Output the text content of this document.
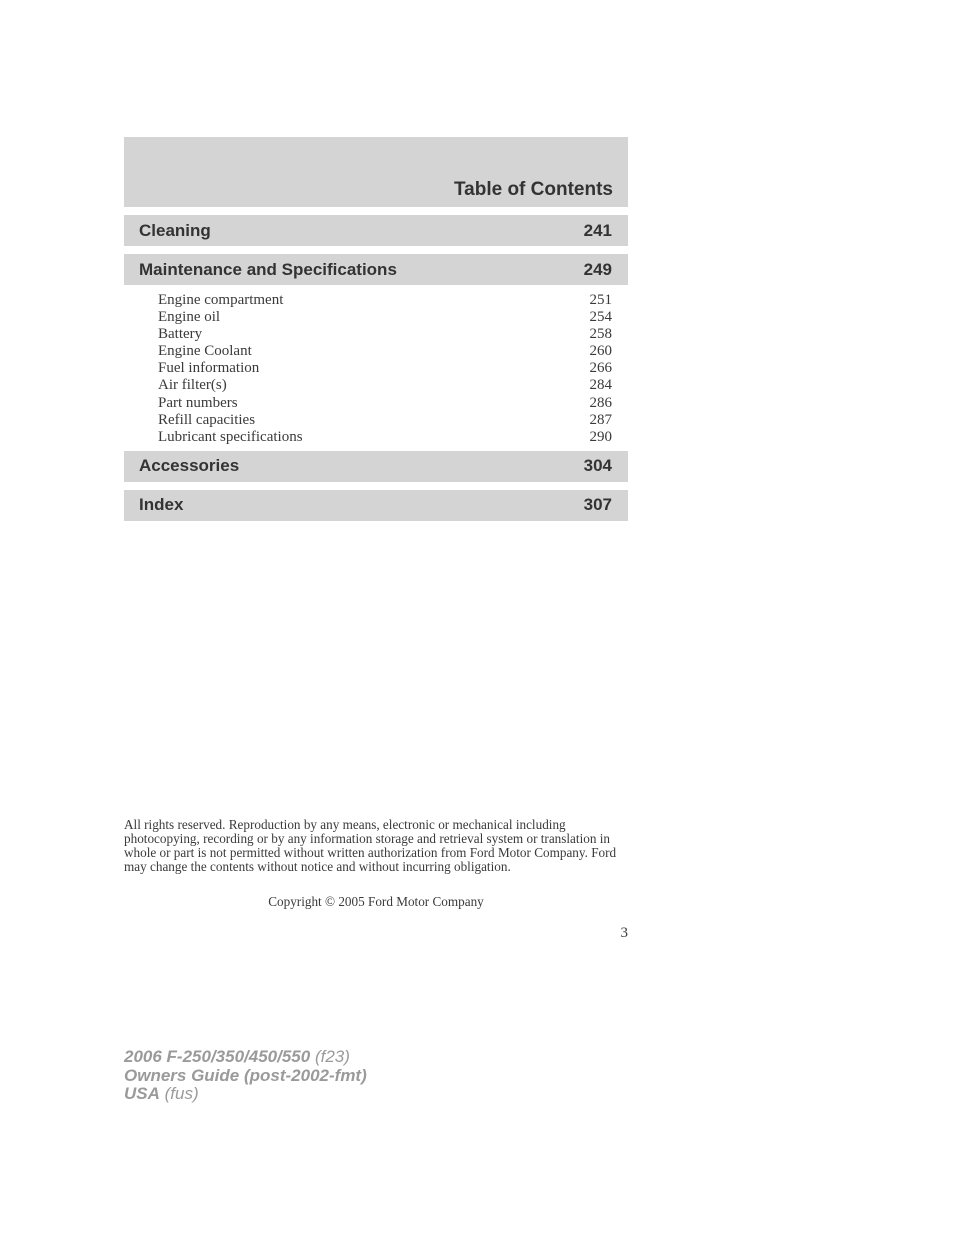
Table of Contents
Cleaning	241
Maintenance and Specifications	249
Engine compartment	251
Engine oil	254
Battery	258
Engine Coolant	260
Fuel information	266
Air filter(s)	284
Part numbers	286
Refill capacities	287
Lubricant specifications	290
Accessories	304
Index	307
All rights reserved. Reproduction by any means, electronic or mechanical including photocopying, recording or by any information storage and retrieval system or translation in whole or part is not permitted without written authorization from Ford Motor Company. Ford may change the contents without notice and without incurring obligation.
Copyright © 2005 Ford Motor Company
3
2006 F-250/350/450/550 (f23)
Owners Guide (post-2002-fmt)
USA (fus)
